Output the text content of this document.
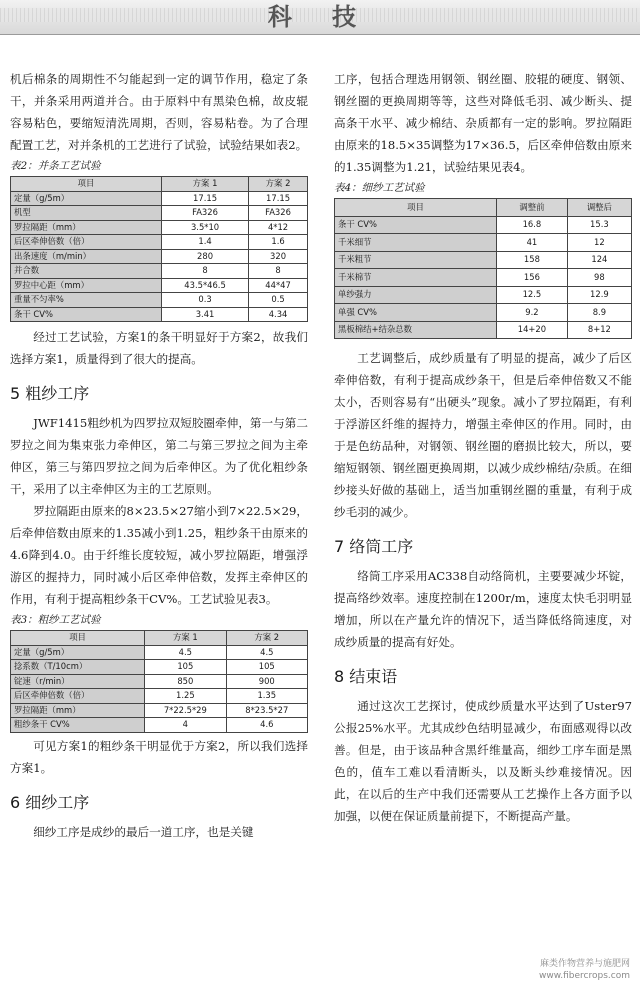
科 技

机后棉条的周期性不匀能起到一定的调节作用，稳定了条干，并条采用两道并合。由于原料中有黑染色棉，故皮辊容易粘色，要缩短清洗周期，否则，容易粘卷。为了合理配置工艺，对并条机的工艺进行了试验，试验结果如表2。

表2：并条工艺试验
项目	方案 1	方案 2
定量（g/5m）	17.15	17.15
机型	FA326	FA326
罗拉隔距（mm）	3.5*10	4*12
后区牵伸倍数（倍）	1.4	1.6
出条速度（m/min）	280	320
并合数	8	8
罗拉中心距（mm）	43.5*46.5	44*47
重量不匀率%	0.3	0.5
条干 CV%	3.41	4.34

经过工艺试验，方案1的条干明显好于方案2，故我们选择方案1，质量得到了很大的提高。

5 粗纱工序

JWF1415粗纱机为四罗拉双短胶圈牵伸，第一与第二罗拉之间为集束张力牵伸区，第二与第三罗拉之间为主牵伸区，第三与第四罗拉之间为后牵伸区。为了优化粗纱条干，采用了以主牵伸区为主的工艺原则。

罗拉隔距由原来的8×23.5×27缩小到7×22.5×29，后牵伸倍数由原来的1.35减小到1.25，粗纱条干由原来的4.6降到4.0。由于纤维长度较短，减小罗拉隔距，增强浮游区的握持力，同时减小后区牵伸倍数，发挥主牵伸区的作用，有利于提高粗纱条干CV%。工艺试验见表3。

表3：粗纱工艺试验
项目	方案 1	方案 2
定量（g/5m）	4.5	4.5
捻系数（T/10cm）	105	105
锭速（r/min）	850	900
后区牵伸倍数（倍）	1.25	1.35
罗拉隔距（mm）	7*22.5*29	8*23.5*27
粗纱条干 CV%	4	4.6

可见方案1的粗纱条干明显优于方案2，所以我们选择方案1。

6 细纱工序

细纱工序是成纱的最后一道工序，也是关键

工序，包括合理选用钢领、钢丝圈、胶辊的硬度、钢领、钢丝圈的更换周期等等，这些对降低毛羽、减少断头、提高条干水平、减少棉结、杂质都有一定的影响。罗拉隔距由原来的18.5×35调整为17×36.5，后区牵伸倍数由原来的1.35调整为1.21，试验结果见表4。

表4：细纱工艺试验
项目	调整前	调整后
条干 CV%	16.8	15.3
千米细节	41	12
千米粗节	158	124
千米棉节	156	98
单纱强力	12.5	12.9
单强 CV%	9.2	8.9
黑板棉结+结杂总数	14+20	8+12

工艺调整后，成纱质量有了明显的提高，减少了后区牵伸倍数，有利于提高成纱条干，但是后牵伸倍数又不能太小，否则容易有“出硬头”现象。减小了罗拉隔距，有利于浮游区纤维的握持力，增强主牵伸区的作用。同时，由于是色纺品种，对钢领、钢丝圈的磨损比较大，所以，要缩短钢领、钢丝圈更换周期，以减少成纱棉结/杂质。在细纱接头好做的基础上，适当加重钢丝圈的重量，有利于成纱毛羽的减少。

7 络筒工序

络筒工序采用AC338自动络筒机，主要要减少坏锭，提高络纱效率。速度控制在1200r/m，速度太快毛羽明显增加，所以在产量允许的情况下，适当降低络筒速度，对成纱质量的提高有好处。

8 结束语

通过这次工艺探讨，使成纱质量水平达到了Uster97公报25%水平。尤其成纱色结明显减少，布面感观得以改善。但是，由于该品种含黑纤维量高，细纱工序车面是黑色的，值车工难以看清断头，以及断头纱难接情况。因此，在以后的生产中我们还需要从工艺操作上各方面予以加强，以便在保证质量前提下，不断提高产量。

麻类作物营养与施肥网
www.fibercrops.com
